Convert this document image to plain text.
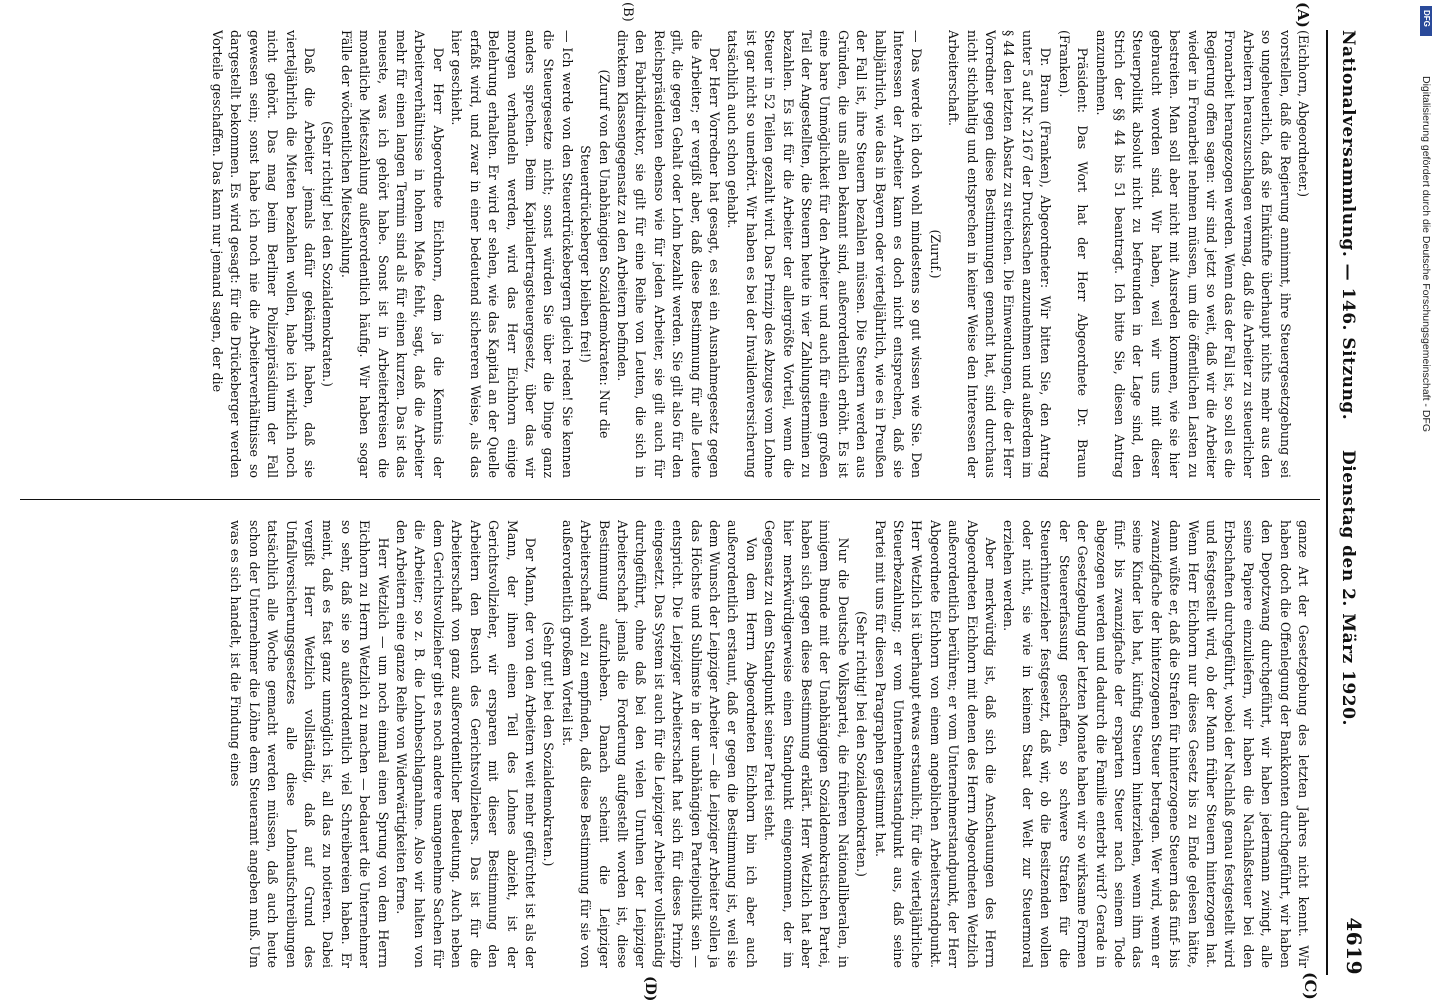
Nationalversammlung. — 146. Sitzung.
Dienstag den 2. März 1920.
4619
(A)
(B)
(C)
(D)

(Eichhorn, Abgeordneter.)

vorstellen, daß die Regierung annimmt, ihre Steuergesetzgebung sei so ungeheuerlich, daß sie Einkünfte überhaupt nichts mehr aus den Arbeitern herauszuschlagen vermag, daß die Arbeiter zu steuerlicher Fronarbeit herangezogen werden. Wenn das der Fall ist, so soll es die Regierung offen sagen: wir sind jetzt so weit, daß wir die Arbeiter wieder in Fronarbeit nehmen müssen, um die öffentlichen Lasten zu bestreiten. Man soll aber nicht mit Ausreden kommen, wie sie hier gebraucht worden sind. Wir haben, weil wir uns mit dieser Steuerpolitik absolut nicht zu befreunden in der Lage sind, den Strich der §§ 44 bis 51 beantragt. Ich bitte Sie, diesen Antrag anzunehmen.

Präsident: Das Wort hat der Herr Abgeordnete Dr. Braun (Franken).

Dr. Braun (Franken), Abgeordneter: Wir bitten Sie, den Antrag unter 5 auf Nr. 2167 der Drucksachen anzunehmen und außerdem im § 44 den letzten Absatz zu streichen. Die Einwendungen, die der Herr Vorredner gegen diese Bestimmungen gemacht hat, sind durchaus nicht stichhaltig und entsprechen in keiner Weise den Interessen der Arbeiterschaft.

(Zuruf.)

— Das werde ich doch wohl mindestens so gut wissen wie Sie. Den Interessen der Arbeiter kann es doch nicht entsprechen, daß sie halbjährlich, wie das in Bayern oder vierteljährlich, wie es in Preußen der Fall ist, ihre Steuern bezahlen müssen. Die Steuern werden aus Gründen, die uns allen bekannt sind, außerordentlich erhöht. Es ist eine bare Unmöglichkeit für den Arbeiter und auch für einen großen Teil der Angestellten, die Steuern heute in vier Zahlungsterminen zu bezahlen. Es ist für die Arbeiter der allergrößte Vorteil, wenn die Steuer in 52 Teilen gezahlt wird. Das Prinzip des Abzuges vom Lohne ist gar nicht so unerhört. Wir haben es bei der Invalidenversicherung tatsächlich auch schon gehabt.

Der Herr Vorredner hat gesagt, es sei ein Ausnahmegesetz gegen die Arbeiter; er vergißt aber, daß diese Bestimmung für alle Leute gilt, die gegen Gehalt oder Lohn bezahlt werden. Sie gilt also für den Reichspräsidenten ebenso wie für jeden Arbeiter, sie gilt auch für den Fabrikdirektor, sie gilt für eine Reihe von Leuten, die sich in direktem Klassengegensatz zu den Arbeitern befinden.

(Zuruf von den Unabhängigen Sozialdemokraten: Nur die Steuerdrückeberger bleiben frei!)

— Ich werde von den Steuerdrückebergern gleich reden! Sie kennen die Steuergesetze nicht; sonst würden Sie über die Dinge ganz anders sprechen. Beim Kapitalertragsteuergesetz, über das wir morgen verhandeln werden, wird das Herr Eichhorn einige Belehrung erhalten. Er wird er sehen, wie das Kapital an der Quelle erfaßt wird, und zwar in einer bedeutend sichereren Weise, als das hier geschieht.

Der Herr Abgeordnete Eichhorn, dem ja die Kenntnis der Arbeiterverhältnisse in hohem Maße fehlt, sagt, daß die Arbeiter mehr für einen langen Termin sind als für einen kurzen. Das ist das neueste, was ich gehört habe. Sonst ist in Arbeiterkreisen die monatliche Mietszahlung außerordentlich häufig. Wir haben sogar Fälle der wöchentlichen Mietszahlung.

(Sehr richtig! bei den Sozialdemokraten.)

Daß die Arbeiter jemals dafür gekämpft haben, daß sie vierteljährlich die Mieten bezahlen wollen, habe ich wirklich noch nicht gehört. Das mag beim Berliner Polizeipräsidium der Fall gewesen sein; sonst habe ich noch nie die Arbeiterverhältnisse so dargestellt bekommen. Es wird gesagt: für die Drückeberger werden Vorteile geschaffen. Das kann nur jemand sagen, der die

ganze Art der Gesetzgebung des letzten Jahres nicht kennt. Wir haben doch die Offenlegung der Bankkonten durchgeführt, wir haben den Depotzwang durchgeführt, wir haben jedermann zwingt, alle seine Papiere einzuliefern, wir haben die Nachlaßsteuer bei den Erbschaften durchgeführt, wobei der Nachlaß genau festgestellt wird und festgestellt wird, ob der Mann früher Steuern hinterzogen hat. Wenn Herr Eichhorn nur dieses Gesetz bis zu Ende gelesen hätte, dann wüßte er, daß die Strafen für hinterzogene Steuern das fünf- bis zwanzigfache der hinterzogenen Steuer betragen. Wer wird, wenn er seine Kinder lieb hat, künftig Steuern hinterziehen, wenn ihm das fünf- bis zwanzigfache der ersparten Steuer nach seinem Tode abgezogen werden und dadurch die Familie enterbt wird? Gerade in der Gesetzgebung der letzten Monate haben wir so wirksame Formen der Steuererfassung geschaffen, so schwere Strafen für die Steuerhinterzieher festgesetzt, daß wir, ob die Besitzenden wollen oder nicht, sie wie in keinem Staat der Welt zur Steuermoral erziehen werden.

Aber merkwürdig ist, daß sich die Anschauungen des Herrn Abgeordneten Eichhorn mit denen des Herrn Abgeordneten Wetzlich außerordentlich berühren; er vom Unternehmerstandpunkt, der Herr Abgeordnete Eichhorn von einem angeblichen Arbeiterstandpunkt. Herr Wetzlich ist überhaupt etwas erstaunlich; für die vierteljährliche Steuerbezahlung; er vom Unternehmerstandpunkt aus, daß seine Partei mit uns für diesen Paragraphen gestimmt hat.

(Sehr richtig! bei den Sozialdemokraten.)

Nur die Deutsche Volkspartei, die früheren Nationalliberalen, in innigem Bunde mit der Unabhängigen Sozialdemokratischen Partei, haben sich gegen diese Bestimmung erklärt. Herr Wetzlich hat aber hier merkwürdigerweise einen Standpunkt eingenommen, der im Gegensatz zu dem Standpunkt seiner Partei steht.

Von dem Herrn Abgeordneten Eichhorn bin ich aber auch außerordentlich erstaunt, daß er gegen die Bestimmung ist, weil sie dem Wunsch der Leipziger Arbeiter — die Leipziger Arbeiter sollen ja das Höchste und Sublimste in der unabhängigen Parteipolitik sein — entspricht. Die Leipziger Arbeiterschaft hat sich für dieses Prinzip eingesetzt. Das System ist auch für die Leipziger Arbeiter vollständig durchgeführt, ohne daß bei den vielen Unruhen der Leipziger Arbeiterschaft jemals die Forderung aufgestellt worden ist, diese Bestimmung aufzuheben. Danach scheint die Leipziger Arbeiterschaft wohl zu empfinden, daß diese Bestimmung für sie von außerordentlich großem Vorteil ist.

(Sehr gut! bei den Sozialdemokraten.)

Der Mann, der von den Arbeitern weit mehr gefürchtet ist als der Mann, der ihnen einen Teil des Lohnes abzieht, ist der Gerichtsvollzieher, wir ersparen mit dieser Bestimmung den Arbeitern den Besuch des Gerichtsvollziehers. Das ist für die Arbeiterschaft von ganz außerordentlicher Bedeutung. Auch neben dem Gerichtsvollzieher gibt es noch andere unangenehme Sachen für die Arbeiter; so z. B. die Lohnbeschlagnahme. Also wir halten von den Arbeitern eine ganze Reihe von Widerwärtigkeiten ferne.

Herr Wetzlich — um noch einmal einen Sprung von dem Herrn Eichhorn zu Herrn Wetzlich zu machen — bedauert die Unternehmer so sehr, daß sie so außerordentlich viel Schreibereien haben. Er meint, daß es fast ganz unmöglich ist, all das zu notieren. Dabei vergißt Herr Wetzlich vollständig, daß auf Grund des Unfallversicherungsgesetzes alle diese Lohnaufschreibungen tatsächlich alle Woche gemacht werden müssen, daß auch heute schon der Unternehmer die Löhne dem Steueramt angeben muß. Um was es sich handelt, ist die Findung eines

Digitalisierung gefördert durch die Deutsche Forschungsgemeinschaft - DFG
DFG
